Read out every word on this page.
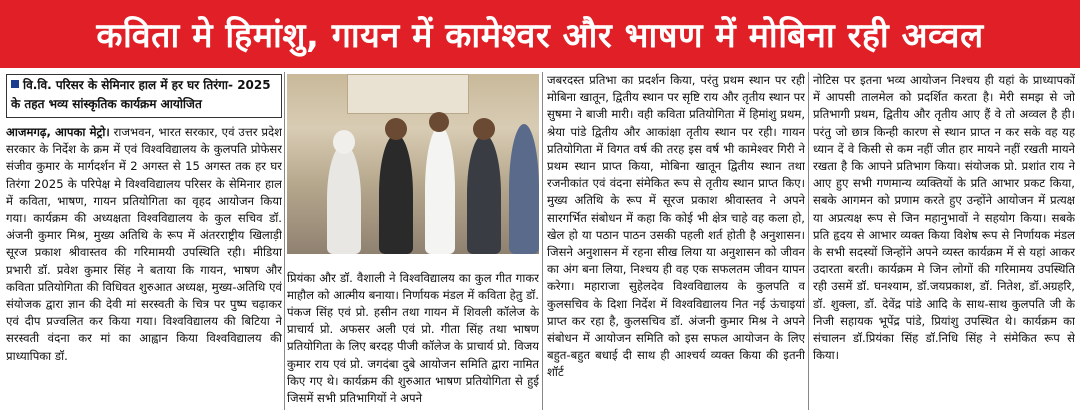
कविता मे हिमांशु, गायन में कामेश्वर और भाषण में मोबिना रही अव्वल
वि.वि. परिसर के सेमिनार हाल में हर घर तिरंगा- 2025 के तहत भव्य सांस्कृतिक कार्यक्रम आयोजित

आजमगढ़, आपका मेट्रो। राजभवन, भारत सरकार, एवं उत्तर प्रदेश सरकार के निर्देश के क्रम में एवं विश्वविद्यालय के कुलपति प्रोफेसर संजीव कुमार के मार्गदर्शन में 2 अगस्त से 15 अगस्त तक हर घर तिरंगा 2025 के परिपेक्ष मे विश्वविद्यालय परिसर के सेमिनार हाल में कविता, भाषण, गायन प्रतियोगिता का वृहद आयोजन किया गया। कार्यक्रम की अध्यक्षता विश्वविद्यालय के कुल सचिव डॉ. अंजनी कुमार मिश्र, मुख्य अतिथि के रूप में अंतरराष्ट्रीय खिलाड़ी सूरज प्रकाश श्रीवास्तव की गरिमामयी उपस्थिति रही। मीडिया प्रभारी डॉ. प्रवेश कुमार सिंह ने बताया कि गायन, भाषण और कविता प्रतियोगिता की विधिवत शुरुआत अध्यक्ष, मुख्य-अतिथि एवं संयोजक द्वारा ज्ञान की देवी मां सरस्वती के चित्र पर पुष्प चढ़ाकर एवं दीप प्रज्वलित कर किया गया। विश्वविद्यालय की बिटिया ने सरस्वती वंदना कर मां का आह्वान किया विश्वविद्यालय की प्राध्यापिका डॉ.

प्रियंका और डॉ. वैशाली ने विश्वविद्यालय का कुल गीत गाकर माहौल को आत्मीय बनाया। निर्णायक मंडल में कविता हेतु डॉ. पंकज सिंह एवं प्रो. हसीन तथा गायन में शिवली कॉलेज के प्राचार्य प्रो. अफसर अली एवं प्रो. गीता सिंह तथा भाषण प्रतियोगिता के लिए बरदह पीजी कॉलेज के प्राचार्य प्रो. विजय कुमार राय एवं प्रो. जगदंबा दुबे आयोजन समिति द्वारा नामित किए गए थे। कार्यक्रम की शुरुआत भाषण प्रतियोगिता से हुई जिसमें सभी प्रतिभागियों ने अपने

जबरदस्त प्रतिभा का प्रदर्शन किया, परंतु प्रथम स्थान पर रही मोबिना खातून, द्वितीय स्थान पर सृष्टि राय और तृतीय स्थान पर सुषमा ने बाजी मारी। वही कविता प्रतियोगिता में हिमांशु प्रथम, श्रेया पांडे द्वितीय और आकांक्षा तृतीय स्थान पर रही। गायन प्रतियोगिता में विगत वर्ष की तरह इस वर्ष भी कामेश्वर गिरी ने प्रथम स्थान प्राप्त किया, मोबिना खातून द्वितीय स्थान तथा रजनीकांत एवं वंदना संमेकित रूप से तृतीय स्थान प्राप्त किए। मुख्य अतिथि के रूप में सूरज प्रकाश श्रीवास्तव ने अपने सारगर्भित संबोधन में कहा कि कोई भी क्षेत्र चाहे वह कला हो, खेल हो या पठान पाठन उसकी पहली शर्त होती है अनुशासन। जिसने अनुशासन में रहना सीख लिया या अनुशासन को जीवन का अंग बना लिया, निश्चय ही वह एक सफलतम जीवन यापन करेगा। महाराजा सुहेलदेव विश्वविद्यालय के कुलपति व कुलसचिव के दिशा निर्देश में विश्वविद्यालय नित नई ऊंचाइयां प्राप्त कर रहा है, कुलसचिव डॉ. अंजनी कुमार मिश्र ने अपने संबोधन में आयोजन समिति को इस सफल आयोजन के लिए बहुत-बहुत बधाई दी साथ ही आश्चर्य व्यक्त किया की इतनी शॉर्ट

नोटिस पर इतना भव्य आयोजन निश्चय ही यहां के प्राध्यापकों में आपसी तालमेल को प्रदर्शित करता है। मेरी समझ से जो प्रतिभागी प्रथम, द्वितीय और तृतीय आए हैं वे तो अव्वल है ही। परंतु जो छात्र किन्ही कारण से स्थान प्राप्त न कर सके वह यह ध्यान दें वे किसी से कम नहीं जीत हार मायने नहीं रखती मायने रखता है कि आपने प्रतिभाग किया। संयोजक प्रो. प्रशांत राय ने आए हुए सभी गणमान्य व्यक्तियों के प्रति आभार प्रकट किया, सबके आगमन को प्रणाम करते हुए उन्होंने आयोजन में प्रत्यक्ष या अप्रत्यक्ष रूप से जिन महानुभावों ने सहयोग किया। सबके प्रति हृदय से आभार व्यक्त किया विशेष रूप से निर्णायक मंडल के सभी सदस्यों जिन्होंने अपने व्यस्त कार्यक्रम में से यहां आकर उदारता बरती। कार्यक्रम मे जिन लोगों की गरिमामय उपस्थिति रही उसमें डॉ. घनश्याम, डॉ.जयप्रकाश, डॉ. नितेश, डॉ.अग्रहरि, डॉ. शुक्ला, डॉ. देवेंद्र पांडे आदि के साथ-साथ कुलपति जी के निजी सहायक भूपेंद्र पांडे, प्रियांशु उपस्थित थे। कार्यक्रम का संचालन डॉ.प्रियंका सिंह डॉ.निधि सिंह ने संमेकित रूप से किया।
